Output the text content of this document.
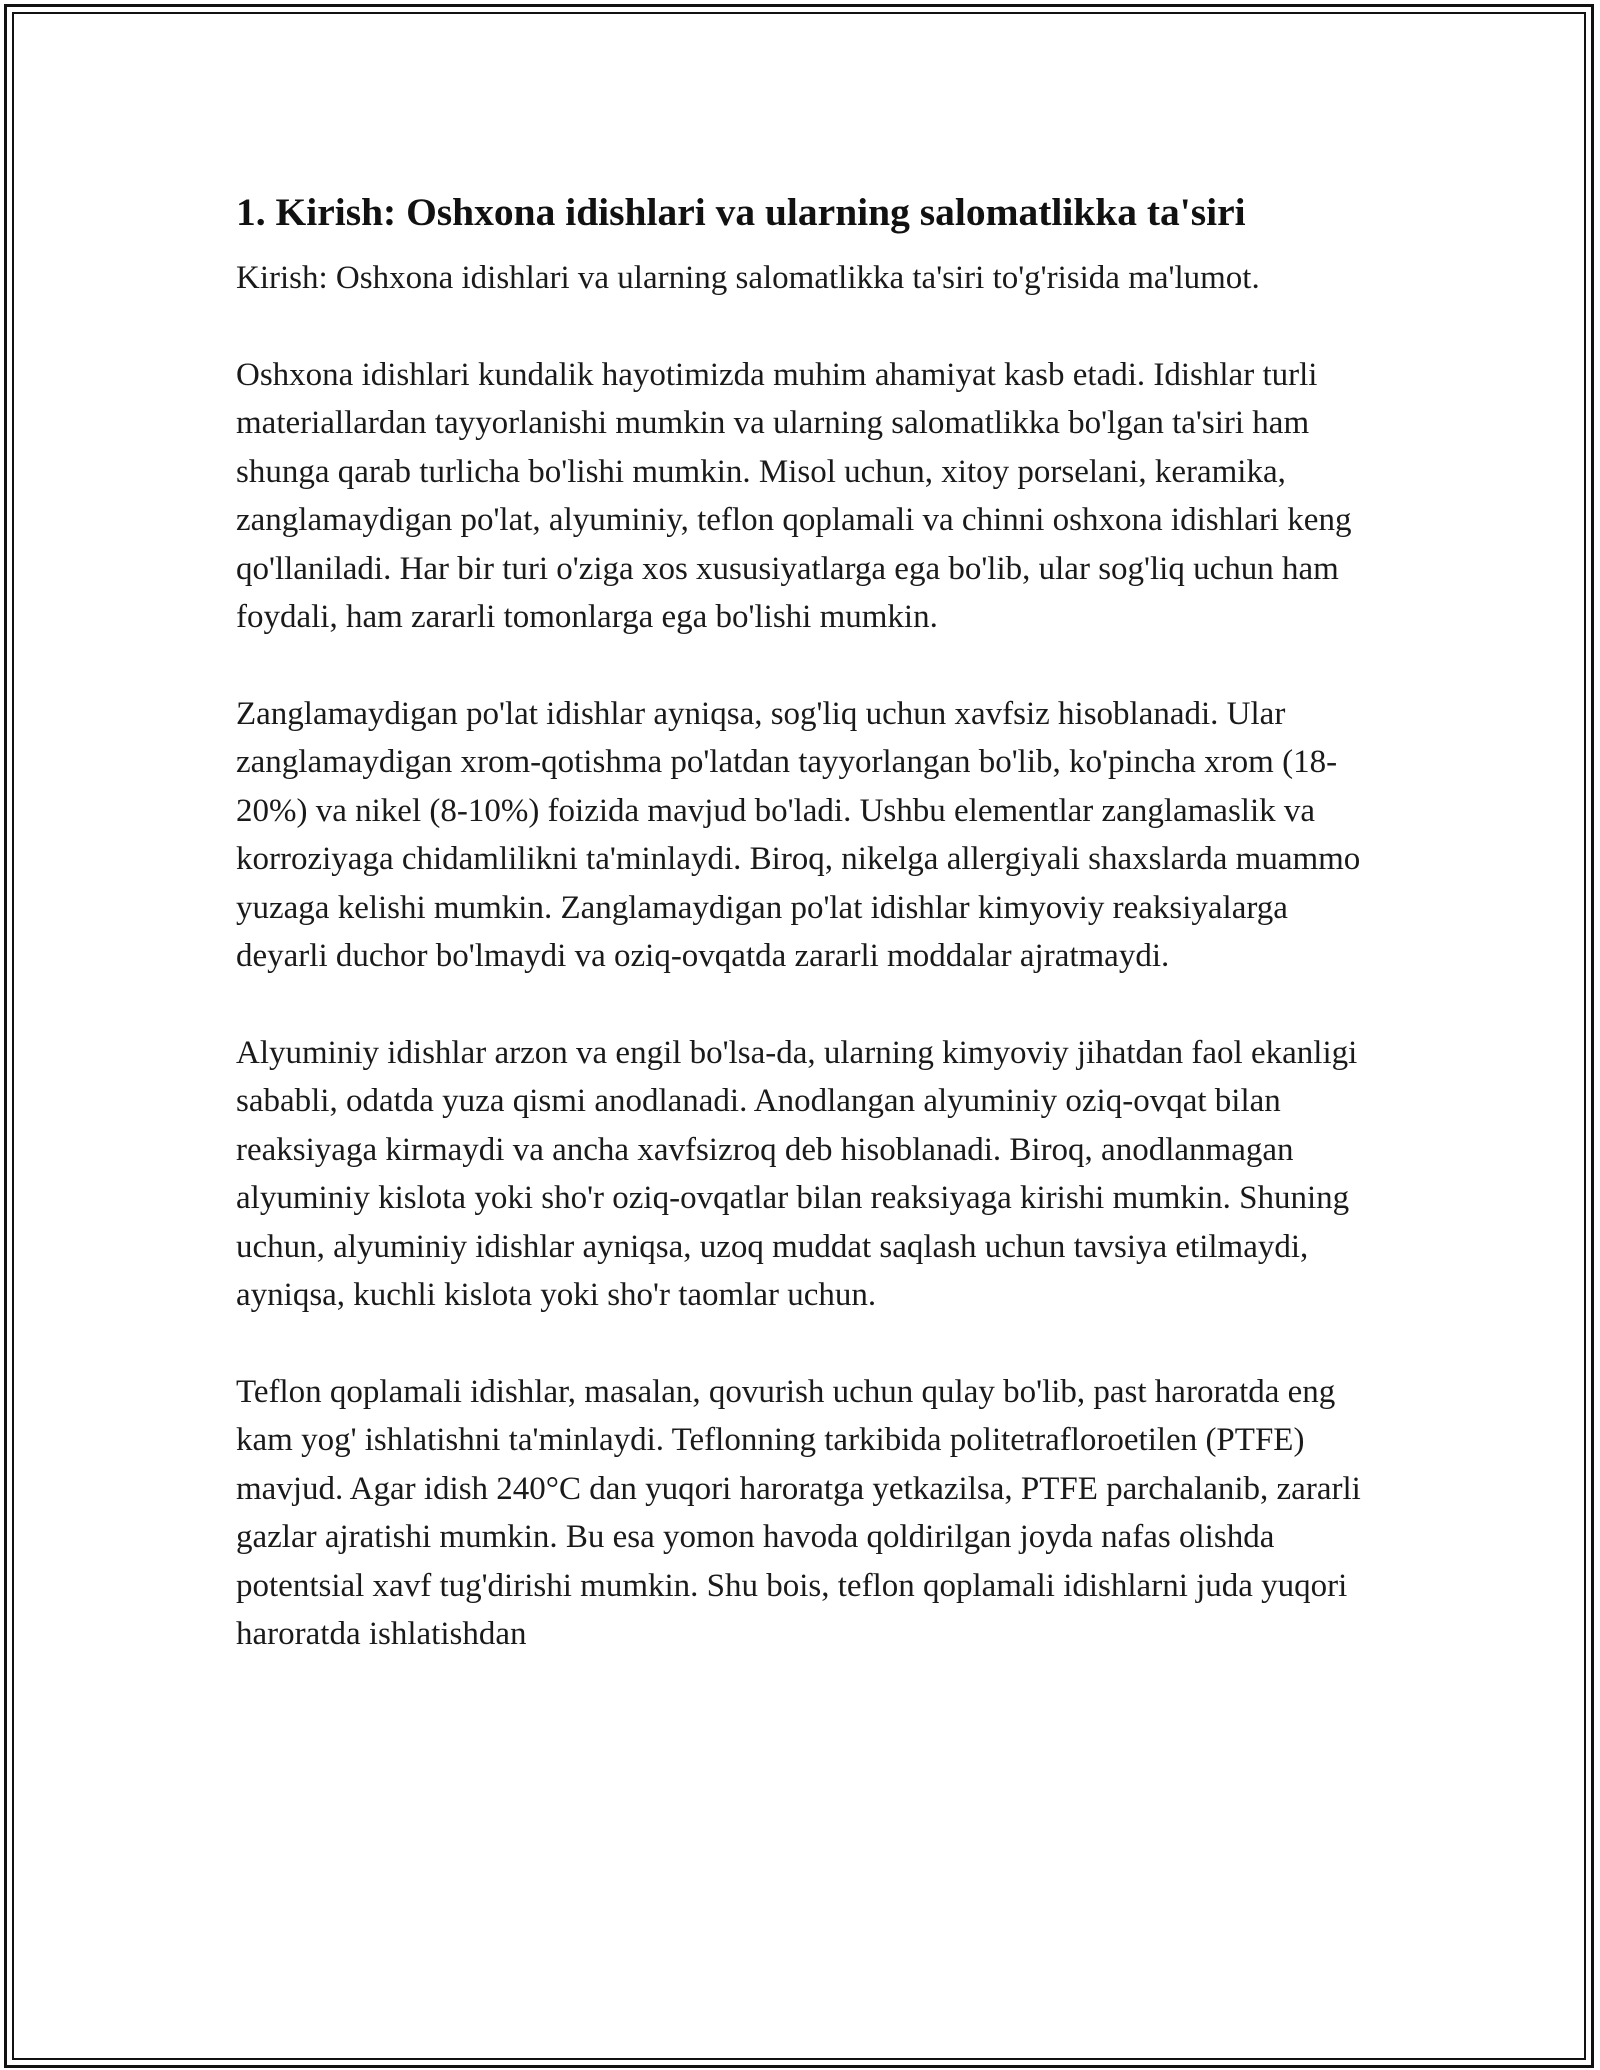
1. Kirish: Oshxona idishlari va ularning salomatlikka ta'siri

Kirish: Oshxona idishlari va ularning salomatlikka ta'siri to'g'risida ma'lumot.

Oshxona idishlari kundalik hayotimizda muhim ahamiyat kasb etadi. Idishlar turli materiallardan tayyorlanishi mumkin va ularning salomatlikka bo'lgan ta'siri ham shunga qarab turlicha bo'lishi mumkin. Misol uchun, xitoy porselani, keramika, zanglamaydigan po'lat, alyuminiy, teflon qoplamali va chinni oshxona idishlari keng qo'llaniladi. Har bir turi o'ziga xos xususiyatlarga ega bo'lib, ular sog'liq uchun ham foydali, ham zararli tomonlarga ega bo'lishi mumkin.

Zanglamaydigan po'lat idishlar ayniqsa, sog'liq uchun xavfsiz hisoblanadi. Ular zanglamaydigan xrom-qotishma po'latdan tayyorlangan bo'lib, ko'pincha xrom (18-20%) va nikel (8-10%) foizida mavjud bo'ladi. Ushbu elementlar zanglamaslik va korroziyaga chidamlilikni ta'minlaydi. Biroq, nikelga allergiyali shaxslarda muammo yuzaga kelishi mumkin. Zanglamaydigan po'lat idishlar kimyoviy reaksiyalarga deyarli duchor bo'lmaydi va oziq-ovqatda zararli moddalar ajratmaydi.

Alyuminiy idishlar arzon va engil bo'lsa-da, ularning kimyoviy jihatdan faol ekanligi sababli, odatda yuza qismi anodlanadi. Anodlangan alyuminiy oziq-ovqat bilan reaksiyaga kirmaydi va ancha xavfsizroq deb hisoblanadi. Biroq, anodlanmagan alyuminiy kislota yoki sho'r oziq-ovqatlar bilan reaksiyaga kirishi mumkin. Shuning uchun, alyuminiy idishlar ayniqsa, uzoq muddat saqlash uchun tavsiya etilmaydi, ayniqsa, kuchli kislota yoki sho'r taomlar uchun.

Teflon qoplamali idishlar, masalan, qovurish uchun qulay bo'lib, past haroratda eng kam yog' ishlatishni ta'minlaydi. Teflonning tarkibida politetrafloroetilen (PTFE) mavjud. Agar idish 240°C dan yuqori haroratga yetkazilsa, PTFE parchalanib, zararli gazlar ajratishi mumkin. Bu esa yomon havoda qoldirilgan joyda nafas olishda potentsial xavf tug'dirishi mumkin. Shu bois, teflon qoplamali idishlarni juda yuqori haroratda ishlatishdan
